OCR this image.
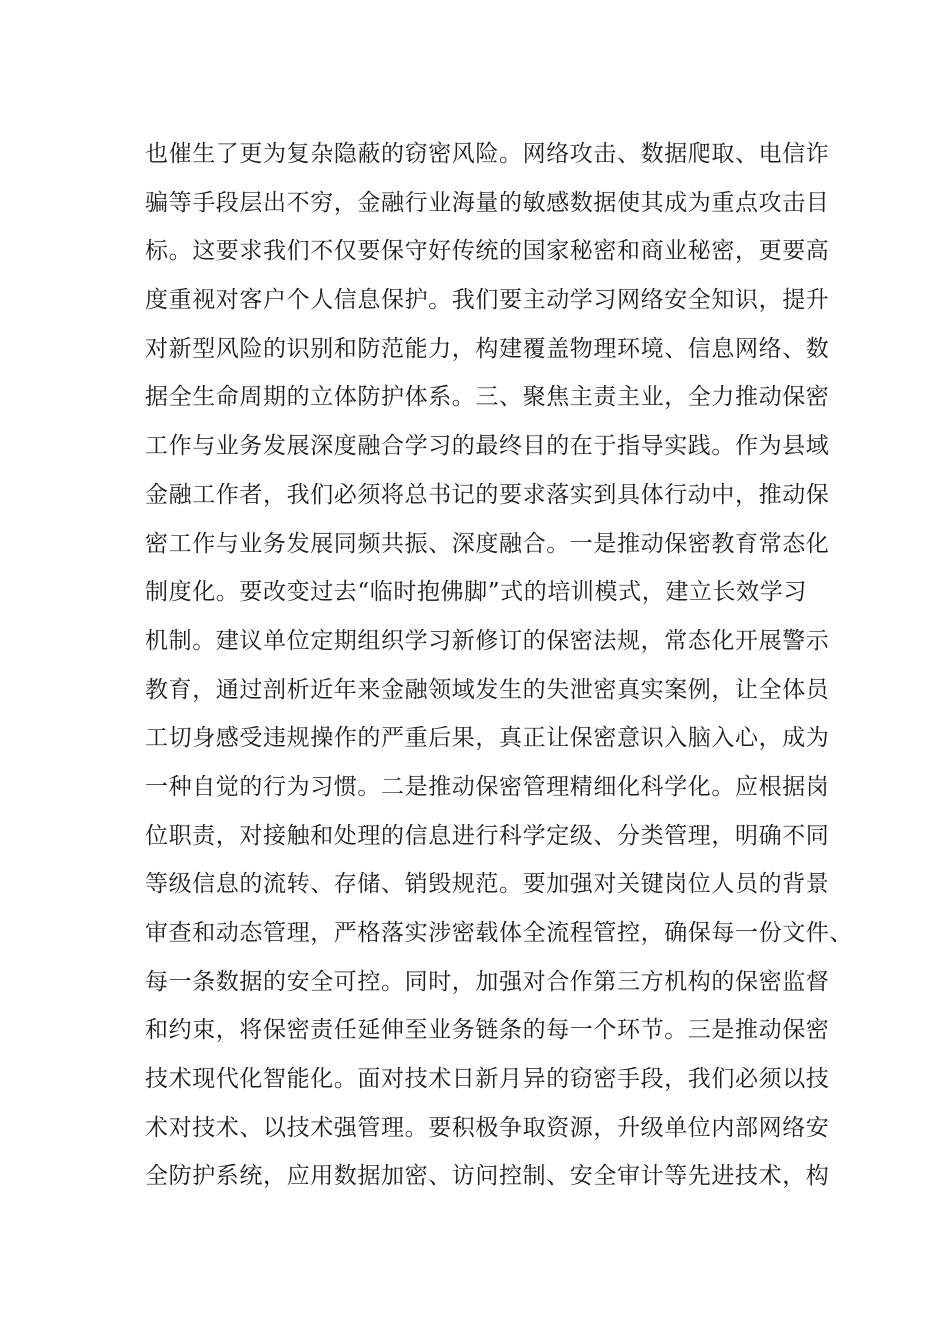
也催生了更为复杂隐蔽的窃密风险。网络攻击、数据爬取、电信诈
骗等手段层出不穷，金融行业海量的敏感数据使其成为重点攻击目
标。这要求我们不仅要保守好传统的国家秘密和商业秘密，更要高
度重视对客户个人信息保护。我们要主动学习网络安全知识，提升
对新型风险的识别和防范能力，构建覆盖物理环境、信息网络、数
据全生命周期的立体防护体系。三、聚焦主责主业，全力推动保密
工作与业务发展深度融合学习的最终目的在于指导实践。作为县域
金融工作者，我们必须将总书记的要求落实到具体行动中，推动保
密工作与业务发展同频共振、深度融合。一是推动保密教育常态化
制度化。要改变过去“临时抱佛脚”式的培训模式，建立长效学习
机制。建议单位定期组织学习新修订的保密法规，常态化开展警示
教育，通过剖析近年来金融领域发生的失泄密真实案例，让全体员
工切身感受违规操作的严重后果，真正让保密意识入脑入心，成为
一种自觉的行为习惯。二是推动保密管理精细化科学化。应根据岗
位职责，对接触和处理的信息进行科学定级、分类管理，明确不同
等级信息的流转、存储、销毁规范。要加强对关键岗位人员的背景
审查和动态管理，严格落实涉密载体全流程管控，确保每一份文件、
每一条数据的安全可控。同时，加强对合作第三方机构的保密监督
和约束，将保密责任延伸至业务链条的每一个环节。三是推动保密
技术现代化智能化。面对技术日新月异的窃密手段，我们必须以技
术对技术、以技术强管理。要积极争取资源，升级单位内部网络安
全防护系统，应用数据加密、访问控制、安全审计等先进技术，构
